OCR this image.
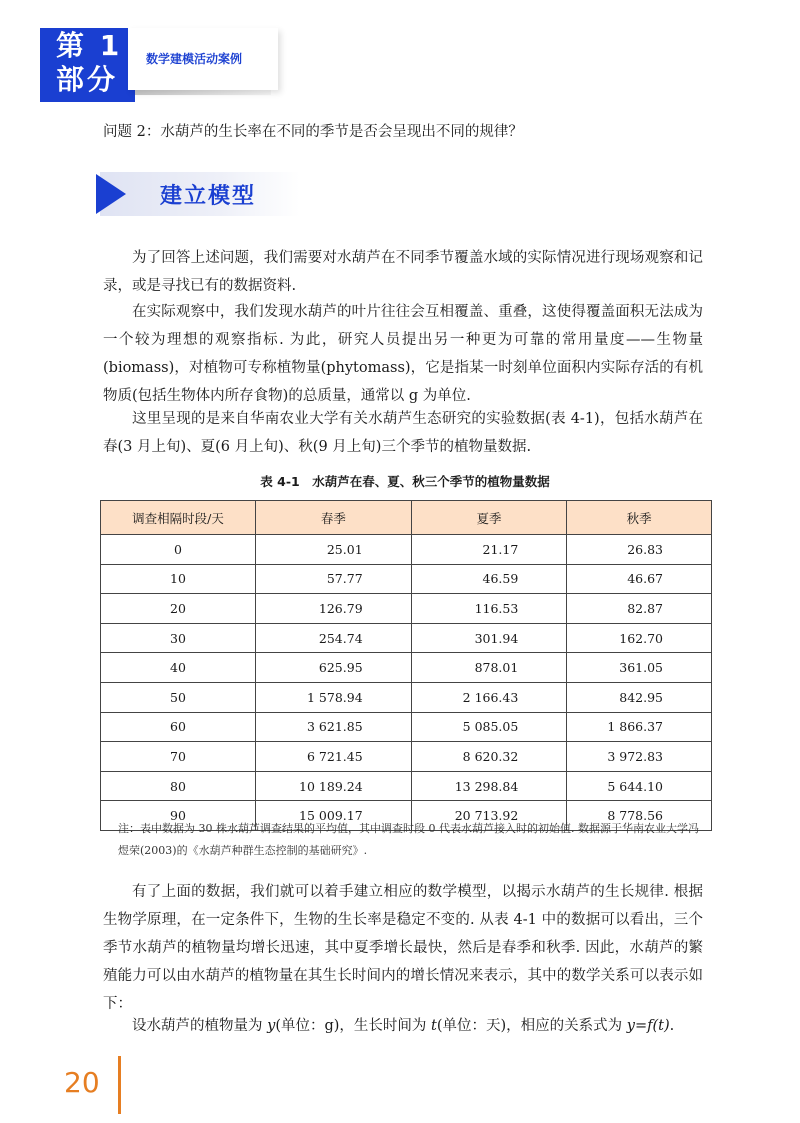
第 1
部分
数学建模活动案例
问题 2：水葫芦的生长率在不同的季节是否会呈现出不同的规律？
建立模型
为了回答上述问题，我们需要对水葫芦在不同季节覆盖水域的实际情况进行现场观察和记录，或是寻找已有的数据资料.
在实际观察中，我们发现水葫芦的叶片往往会互相覆盖、重叠，这使得覆盖面积无法成为一个较为理想的观察指标. 为此，研究人员提出另一种更为可靠的常用量度——生物量(biomass)，对植物可专称植物量(phytomass)，它是指某一时刻单位面积内实际存活的有机物质(包括生物体内所存食物)的总质量，通常以 g 为单位.
这里呈现的是来自华南农业大学有关水葫芦生态研究的实验数据(表 4-1)，包括水葫芦在春(3 月上旬)、夏(6 月上旬)、秋(9 月上旬)三个季节的植物量数据.
表 4-1　水葫芦在春、夏、秋三个季节的植物量数据
调查相隔时段/天	春季	夏季	秋季
0	25.01	21.17	26.83
10	57.77	46.59	46.67
20	126.79	116.53	82.87
30	254.74	301.94	162.70
40	625.95	878.01	361.05
50	1 578.94	2 166.43	842.95
60	3 621.85	5 085.05	1 866.37
70	6 721.45	8 620.32	3 972.83
80	10 189.24	13 298.84	5 644.10
90	15 009.17	20 713.92	8 778.56
注：表中数据为 30 株水葫芦调查结果的平均值，其中调查时段 0 代表水葫芦接入时的初始值. 数据源于华南农业大学冯煜荣(2003)的《水葫芦种群生态控制的基础研究》.
有了上面的数据，我们就可以着手建立相应的数学模型，以揭示水葫芦的生长规律. 根据生物学原理，在一定条件下，生物的生长率是稳定不变的. 从表 4-1 中的数据可以看出，三个季节水葫芦的植物量均增长迅速，其中夏季增长最快，然后是春季和秋季. 因此，水葫芦的繁殖能力可以由水葫芦的植物量在其生长时间内的增长情况来表示，其中的数学关系可以表示如下：
设水葫芦的植物量为 y(单位：g)，生长时间为 t(单位：天)，相应的关系式为 y=f(t).
20
